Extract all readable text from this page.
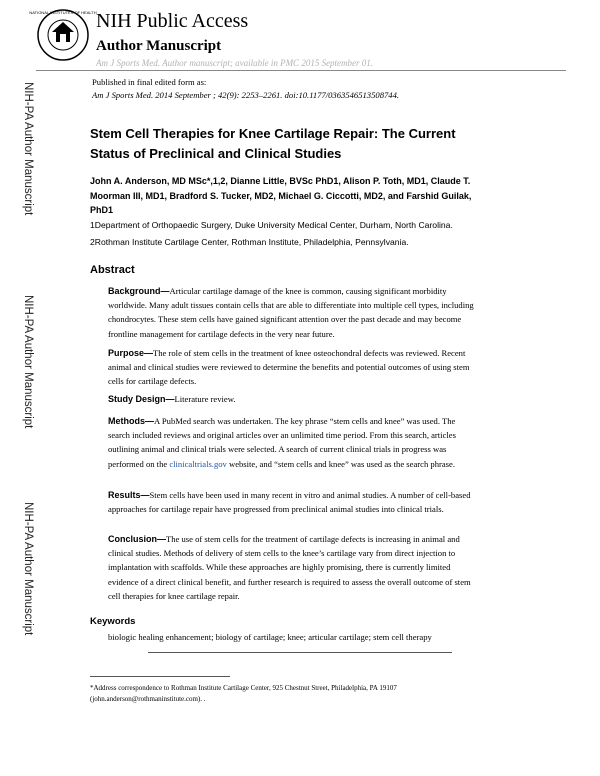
NATIONAL INSTITUTES OF HEALTH NIH Public Access
Author Manuscript
Am J Sports Med. Author manuscript; available in PMC 2015 September 01.
Published in final edited form as:
Am J Sports Med. 2014 September ; 42(9): 2253–2261. doi:10.1177/0363546513508744.
NIH-PA Author Manuscript
NIH-PA Author Manuscript
NIH-PA Author Manuscript
Stem Cell Therapies for Knee Cartilage Repair: The Current
Status of Preclinical and Clinical Studies
John A. Anderson, MD MSc*,1,2, Dianne Little, BVSc PhD1, Alison P. Toth, MD1, Claude T.
Moorman III, MD1, Bradford S. Tucker, MD2, Michael G. Ciccotti, MD2, and Farshid Guilak,
PhD1
1Department of Orthopaedic Surgery, Duke University Medical Center, Durham, North Carolina.
2Rothman Institute Cartilage Center, Rothman Institute, Philadelphia, Pennsylvania.
Abstract
Background—Articular cartilage damage of the knee is common, causing significant morbidity worldwide. Many adult tissues contain cells that are able to differentiate into multiple cell types, including chondrocytes. These stem cells have gained significant attention over the past decade and may become frontline management for cartilage defects in the very near future.
Purpose—The role of stem cells in the treatment of knee osteochondral defects was reviewed. Recent animal and clinical studies were reviewed to determine the benefits and potential outcomes of using stem cells for cartilage defects.
Study Design—Literature review.
Methods—A PubMed search was undertaken. The key phrase “stem cells and knee” was used. The search included reviews and original articles over an unlimited time period. From this search, articles outlining animal and clinical trials were selected. A search of current clinical trials in progress was performed on the clinicaltrials.gov website, and “stem cells and knee” was used as the search phrase.
Results—Stem cells have been used in many recent in vitro and animal studies. A number of cell-based approaches for cartilage repair have progressed from preclinical animal studies into clinical trials.
Conclusion—The use of stem cells for the treatment of cartilage defects is increasing in animal and clinical studies. Methods of delivery of stem cells to the knee’s cartilage vary from direct injection to implantation with scaffolds. While these approaches are highly promising, there is currently limited evidence of a direct clinical benefit, and further research is required to assess the overall outcome of stem cell therapies for knee cartilage repair.
Keywords
biologic healing enhancement; biology of cartilage; knee; articular cartilage; stem cell therapy
*Address correspondence to Rothman Institute Cartilage Center, 925 Chestnut Street, Philadelphia, PA 19107
(john.anderson@rothmaninstitute.com). .
